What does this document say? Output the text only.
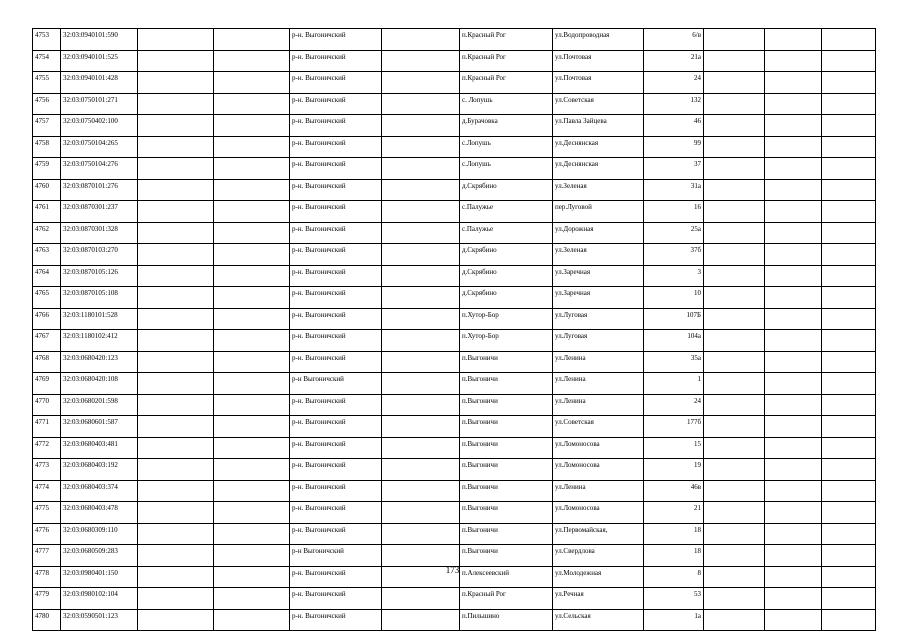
4753	32:03:0940101:590			р-н. Выгоничский		п.Красный Рог	ул.Водопроводная	6/в			
4754	32:03:0940101:525			р-н. Выгоничский		п.Красный Рог	ул.Почтовая	21а			
4755	32:03:0940101:428			р-н. Выгоничский		п.Красный Рог	ул.Почтовая	24			
4756	32:03:0750101:271			р-н. Выгоничский		с. Лопушь	ул.Советская	132			
4757	32:03:0750402:100			р-н. Выгоничский		д.Бурачовка	ул.Павла Зайцева	46			
4758	32:03:0750104:265			р-н. Выгоничский		с.Лопушь	ул.Деснянская	99			
4759	32:03:0750104:276			р-н. Выгоничский		с.Лопушь	ул.Деснянская	37			
4760	32:03:0870101:276			р-н. Выгоничский		д.Скрябино	ул.Зеленая	31а			
4761	32:03:0870301:237			р-н. Выгоничский		с.Палужье	пер.Луговой	16			
4762	32:03:0870301:328			р-н. Выгоничский		с.Палужье	ул.Дорожная	25а			
4763	32:03:0870103:270			р-н. Выгоничский		д.Скрябино	ул.Зеленая	37б			
4764	32:03:0870105:126			р-н. Выгоничский		д.Скрябино	ул.Заречная	3			
4765	32:03:0870105:108			р-н. Выгоничский		д.Скрябино	ул.Заречная	10			
4766	32:03:1180101:528			р-н. Выгоничский		п.Хутор-Бор	ул.Луговая	107Б			
4767	32:03:1180102:412			р-н. Выгоничский		п.Хутор-Бор	ул.Луговая	104а			
4768	32:03:0680420:123			р-н. Выгоничский		п.Выгоничи	ул.Ленина	35а			
4769	32:03:0680420:108			р-н Выгоничский		п.Выгоничи	ул.Ленина	1			
4770	32:03:0680201:598			р-н. Выгоничский		п.Выгоничи	ул.Ленина	24			
4771	32:03:0680601:587			р-н. Выгоничский		п.Выгоничи	ул.Советская	177б			
4772	32:03:0680403:481			р-н. Выгоничский		п.Выгоничи	ул.Ломоносова	15			
4773	32:03:0680403:192			р-н. Выгоничский		п.Выгоничи	ул.Ломоносова	19			
4774	32:03:0680403:374			р-н. Выгоничский		п.Выгоничи	ул.Ленина	46в			
4775	32:03:0680403:478			р-н. Выгоничский		п.Выгоничи	ул.Ломоносова	21			
4776	32:03:0680309:110			р-н. Выгоничский		п.Выгоничи	ул.Первомайская,	18			
4777	32:03:0680509:283			р-н Выгоничский		п.Выгоничи	ул.Свердлова	18			
4778	32:03:0980401:150			р-н. Выгоничский		п.Алексеевский	ул.Молодежная	8			
4779	32:03:0980102:104			р-н. Выгоничский		п.Красный Рог	ул.Речная	53			
4780	32:03:0590501:123			р-н. Выгоничский		п.Пильшино	ул.Сельская	1а			
173
